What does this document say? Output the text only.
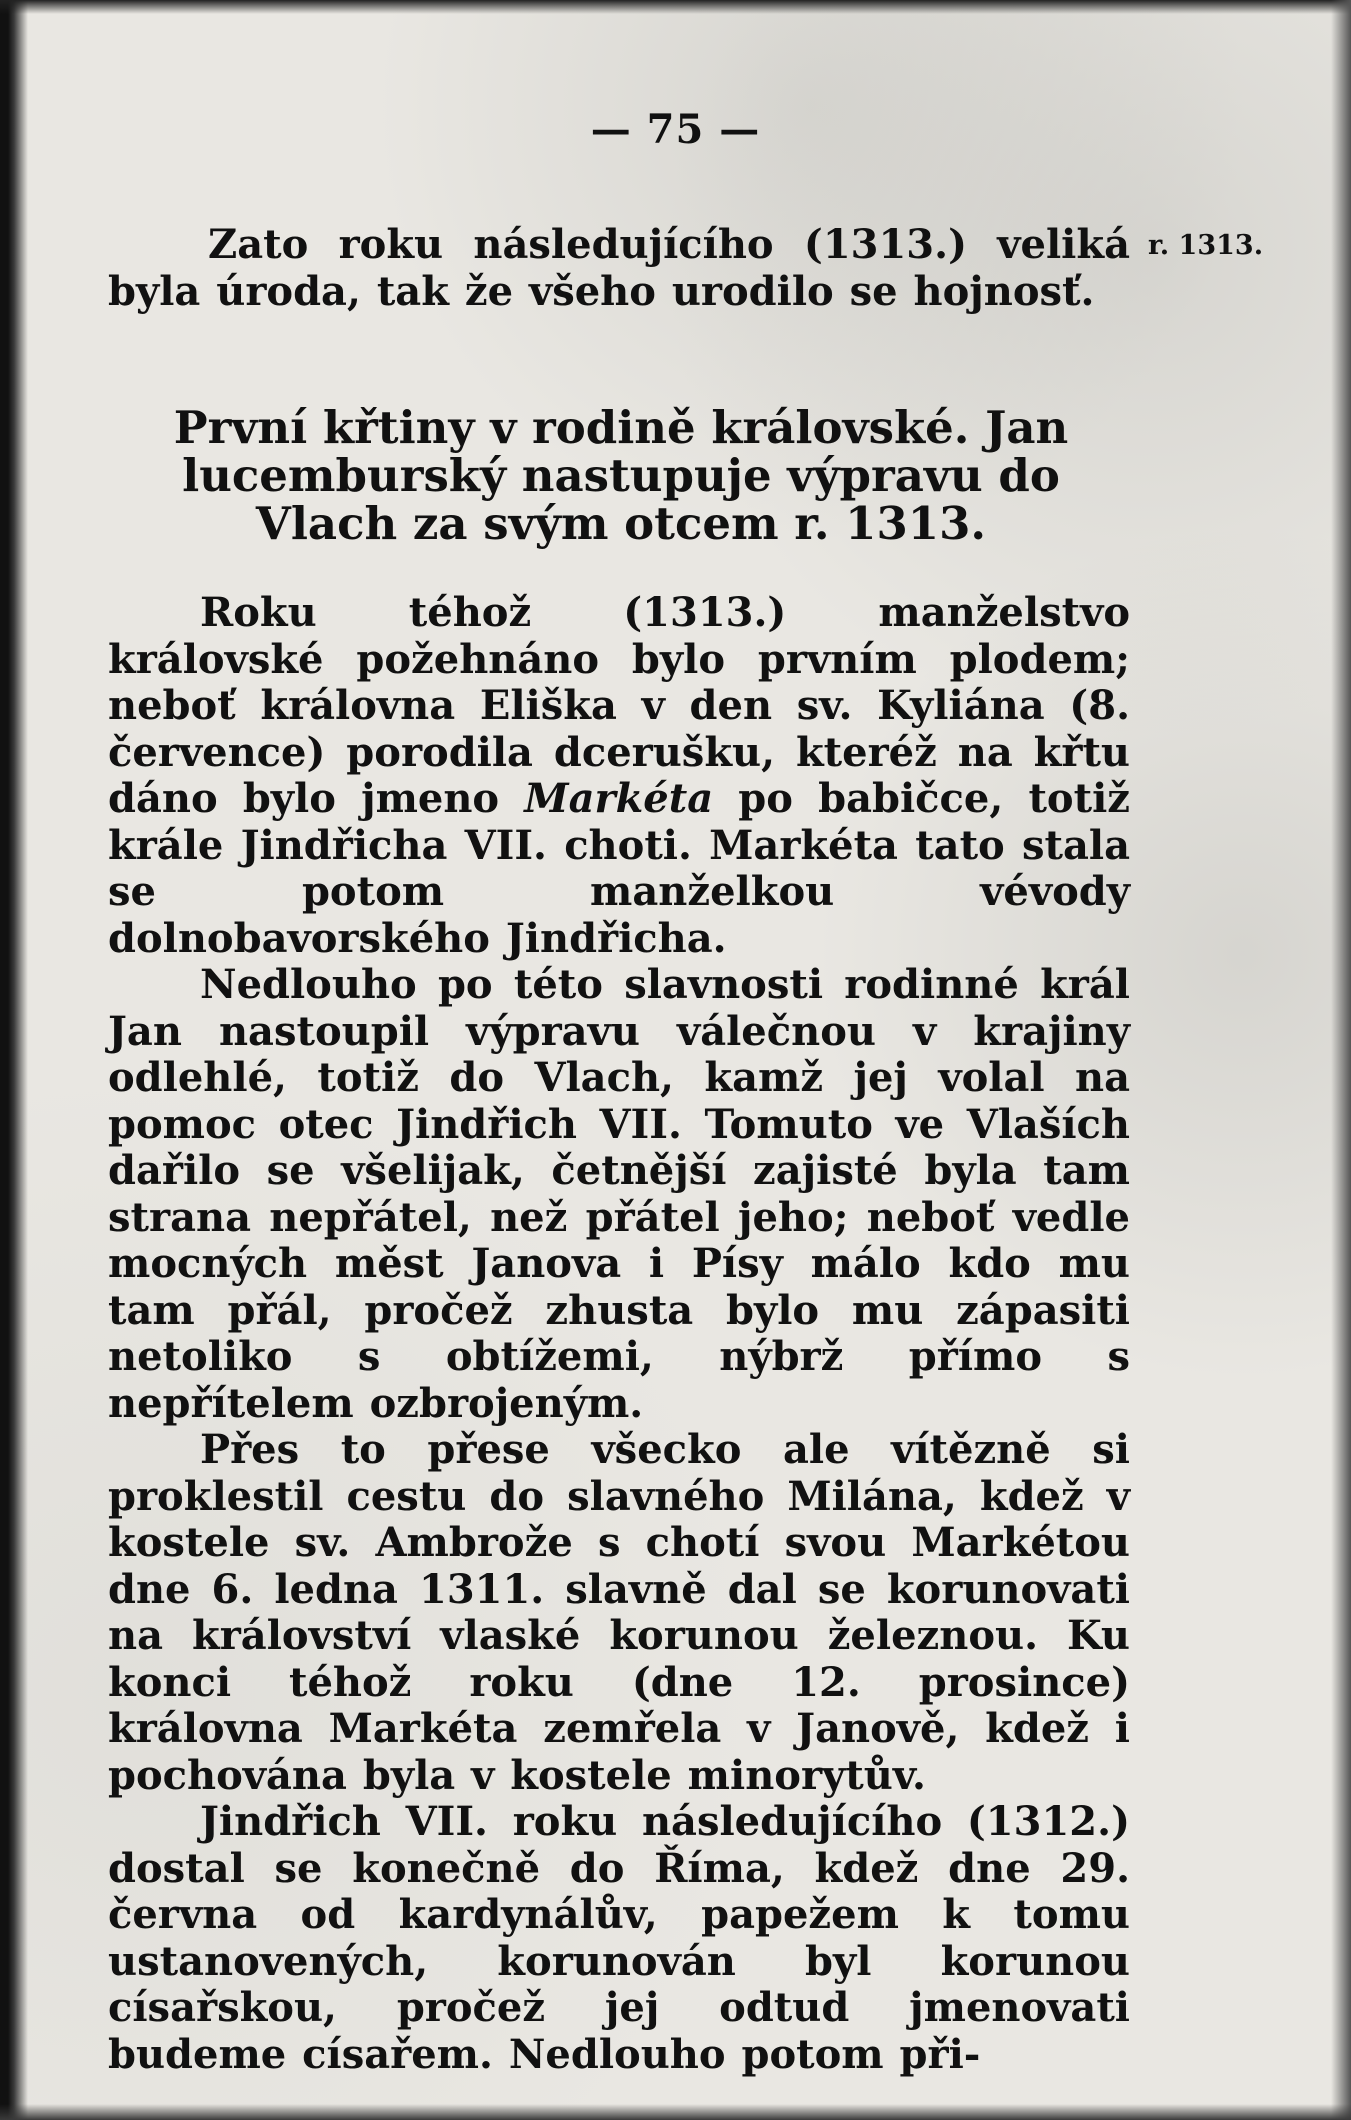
— 75 —
Zato roku následujícího (1313.) veliká byla úroda, tak že všeho urodilo se hojnosť.
r. 1313.
První křtiny v rodině královské. Jan lucemburský nastupuje výpravu do Vlach za svým otcem r. 1313.

Roku téhož (1313.) manželstvo královské požehnáno bylo prvním plodem; neboť královna Eliška v den sv. Kyliána (8. července) porodila dcerušku, kteréž na křtu dáno bylo jmeno Markéta po babičce, totiž krále Jindřicha VII. choti. Markéta tato stala se potom manželkou vévody dolnobavorského Jindřicha.

Nedlouho po této slavnosti rodinné král Jan nastoupil výpravu válečnou v krajiny odlehlé, totiž do Vlach, kamž jej volal na pomoc otec Jindřich VII. Tomuto ve Vlaších dařilo se všelijak, četnější zajisté byla tam strana nepřátel, než přátel jeho; neboť vedle mocných měst Janova i Písy málo kdo mu tam přál, pročež zhusta bylo mu zápasiti netoliko s obtížemi, nýbrž přímo s nepřítelem ozbrojeným.

Přes to přese všecko ale vítězně si proklestil cestu do slavného Milána, kdež v kostele sv. Ambrože s chotí svou Markétou dne 6. ledna 1311. slavně dal se korunovati na království vlaské korunou železnou. Ku konci téhož roku (dne 12. prosince) královna Markéta zemřela v Janově, kdež i pochována byla v kostele minorytův.

Jindřich VII. roku následujícího (1312.) dostal se konečně do Říma, kdež dne 29. června od kardynálův, papežem k tomu ustanovených, korunován byl korunou císařskou, pročež jej odtud jmenovati budeme císařem. Nedlouho potom při-
